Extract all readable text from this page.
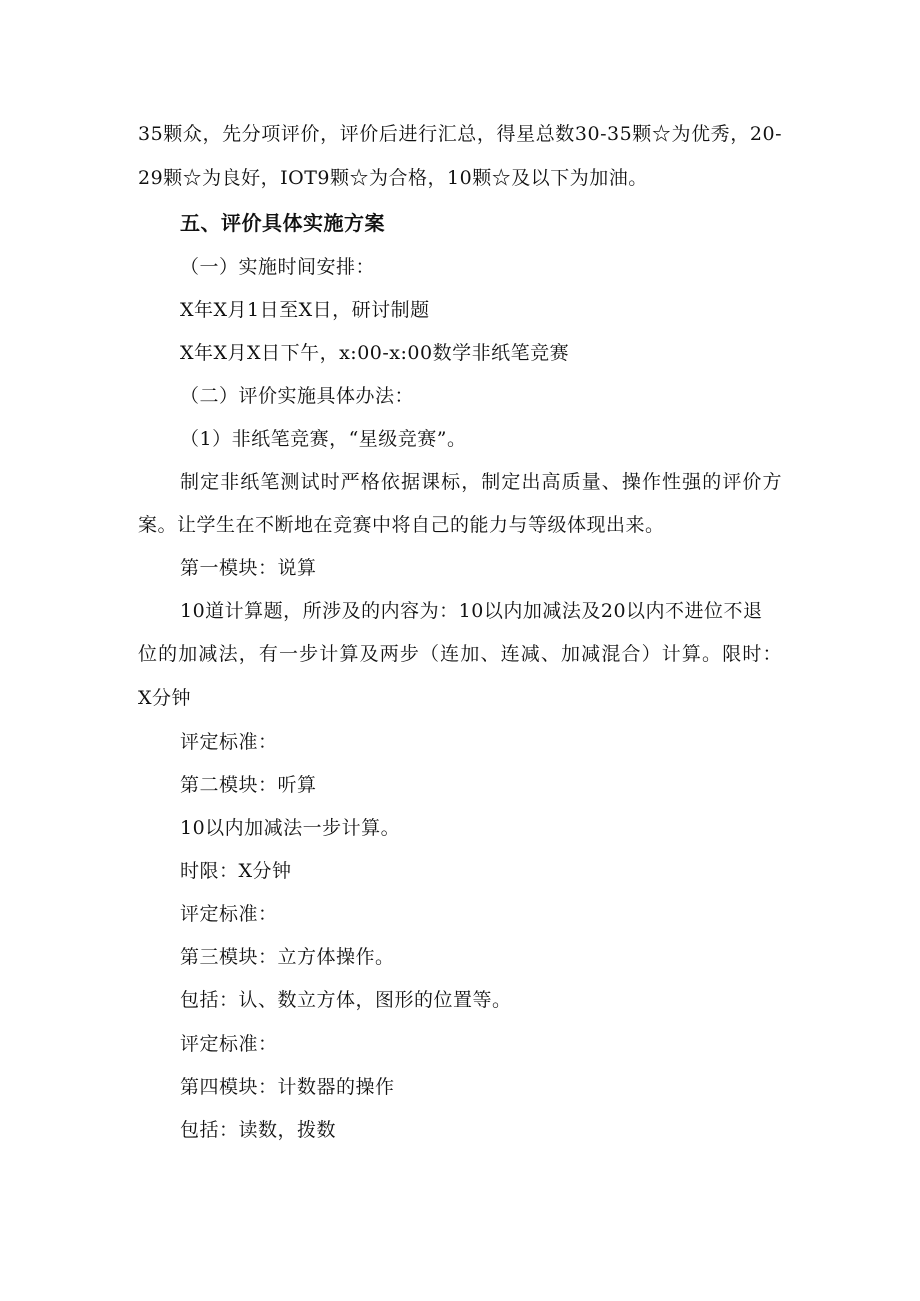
35颗众，先分项评价，评价后进行汇总，得星总数30-35颗☆为优秀，20-
29颗☆为良好，IOT9颗☆为合格，10颗☆及以下为加油。
五、评价具体实施方案
（一）实施时间安排：
X年X月1日至X日，研讨制题
X年X月X日下午，x:00-x:00数学非纸笔竞赛
（二）评价实施具体办法：
（1）非纸笔竞赛，“星级竞赛”。
制定非纸笔测试时严格依据课标，制定出高质量、操作性强的评价方
案。让学生在不断地在竞赛中将自己的能力与等级体现出来。
第一模块：说算
10道计算题，所涉及的内容为：10以内加减法及20以内不进位不退
位的加减法，有一步计算及两步（连加、连减、加减混合）计算。限时：
X分钟
评定标准：
第二模块：听算
10以内加减法一步计算。
时限：X分钟
评定标准：
第三模块：立方体操作。
包括：认、数立方体，图形的位置等。
评定标准：
第四模块：计数器的操作
包括：读数，拨数
